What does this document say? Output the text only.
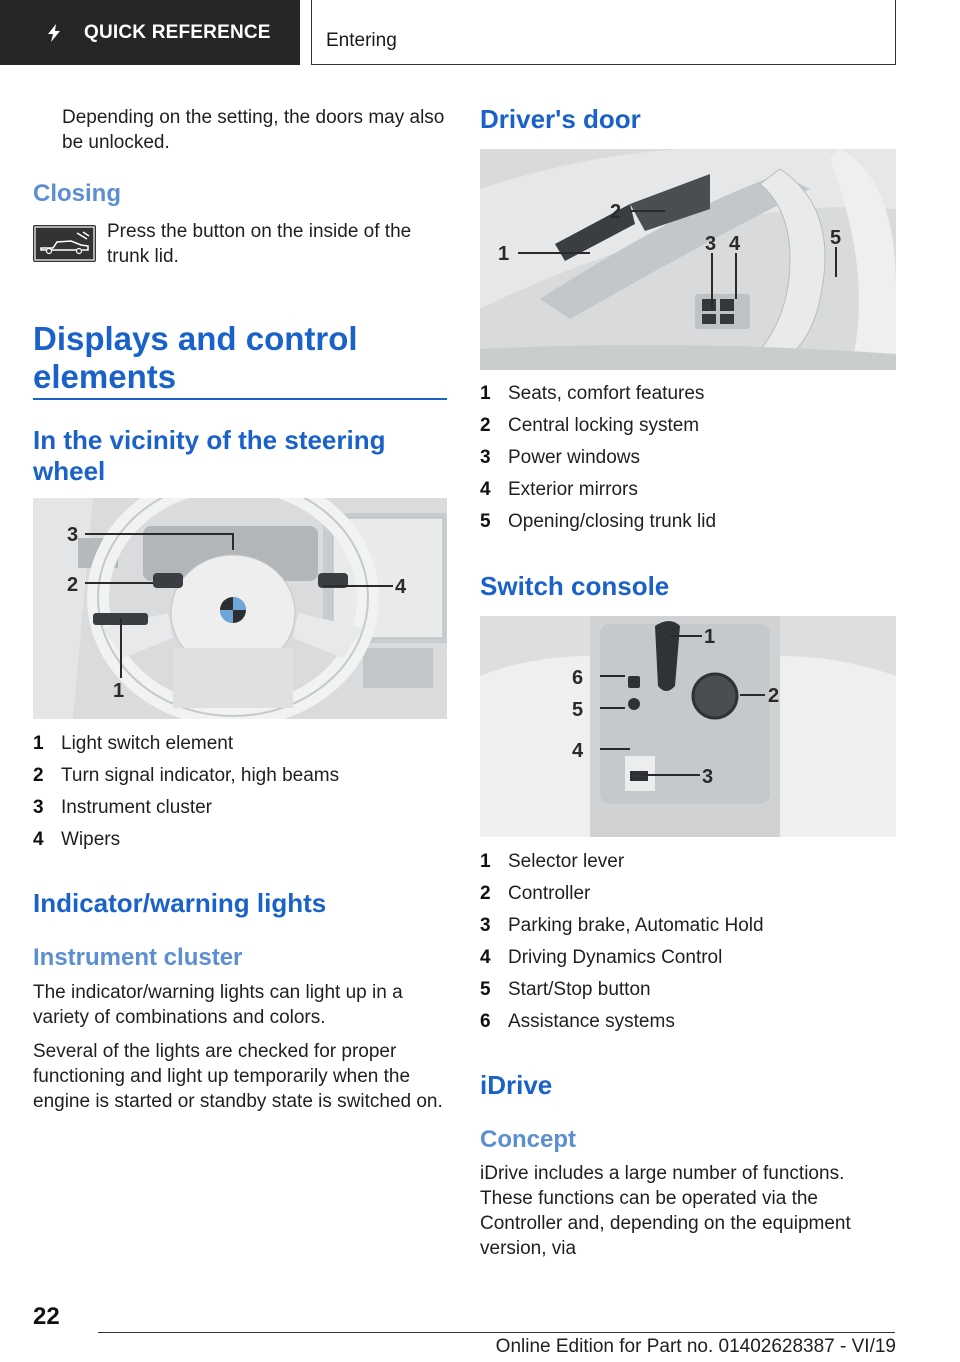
QUICK REFERENCE	Entering
Depending on the setting, the doors may also be unlocked.
Closing
Press the button on the inside of the trunk lid.
Displays and control elements
In the vicinity of the steering wheel
3
2	4
1
1 Light switch element
2 Turn signal indicator, high beams
3 Instrument cluster
4 Wipers
Indicator/warning lights
Instrument cluster
The indicator/warning lights can light up in a variety of combinations and colors.
Several of the lights are checked for proper functioning and light up temporarily when the engine is started or standby state is switched on.
Driver's door
1
2
3 4	5
1 Seats, comfort features
2 Central locking system
3 Power windows
4 Exterior mirrors
5 Opening/closing trunk lid
Switch console
1
2
3
4
5
6
1 Selector lever
2 Controller
3 Parking brake, Automatic Hold
4 Driving Dynamics Control
5 Start/Stop button
6 Assistance systems
iDrive
Concept
iDrive includes a large number of functions. These functions can be operated via the Controller and, depending on the equipment version, via
22
Online Edition for Part no. 01402628387 - VI/19
